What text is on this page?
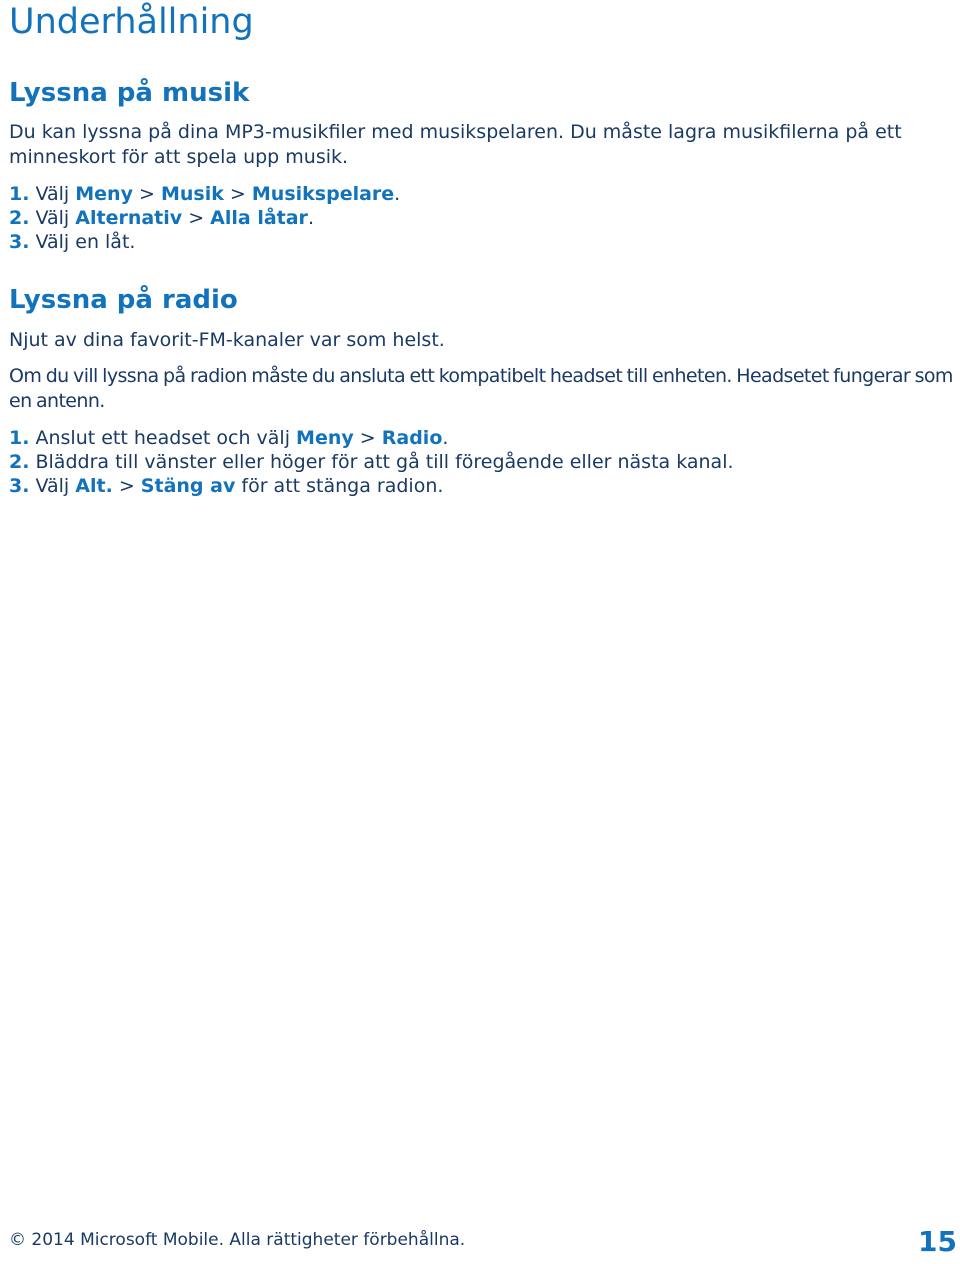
Underhållning
Lyssna på musik

Du kan lyssna på dina MP3-musikfiler med musikspelaren. Du måste lagra musikfilerna på ett minneskort för att spela upp musik.

1. Välj Meny > Musik > Musikspelare.

2. Välj Alternativ > Alla låtar.

3. Välj en låt.

Lyssna på radio

Njut av dina favorit-FM-kanaler var som helst.

Om du vill lyssna på radion måste du ansluta ett kompatibelt headset till enheten. Headsetet fungerar som en antenn.

1. Anslut ett headset och välj Meny > Radio.

2. Bläddra till vänster eller höger för att gå till föregående eller nästa kanal.

3. Välj Alt. > Stäng av för att stänga radion.

© 2014 Microsoft Mobile. Alla rättigheter förbehållna.	15
